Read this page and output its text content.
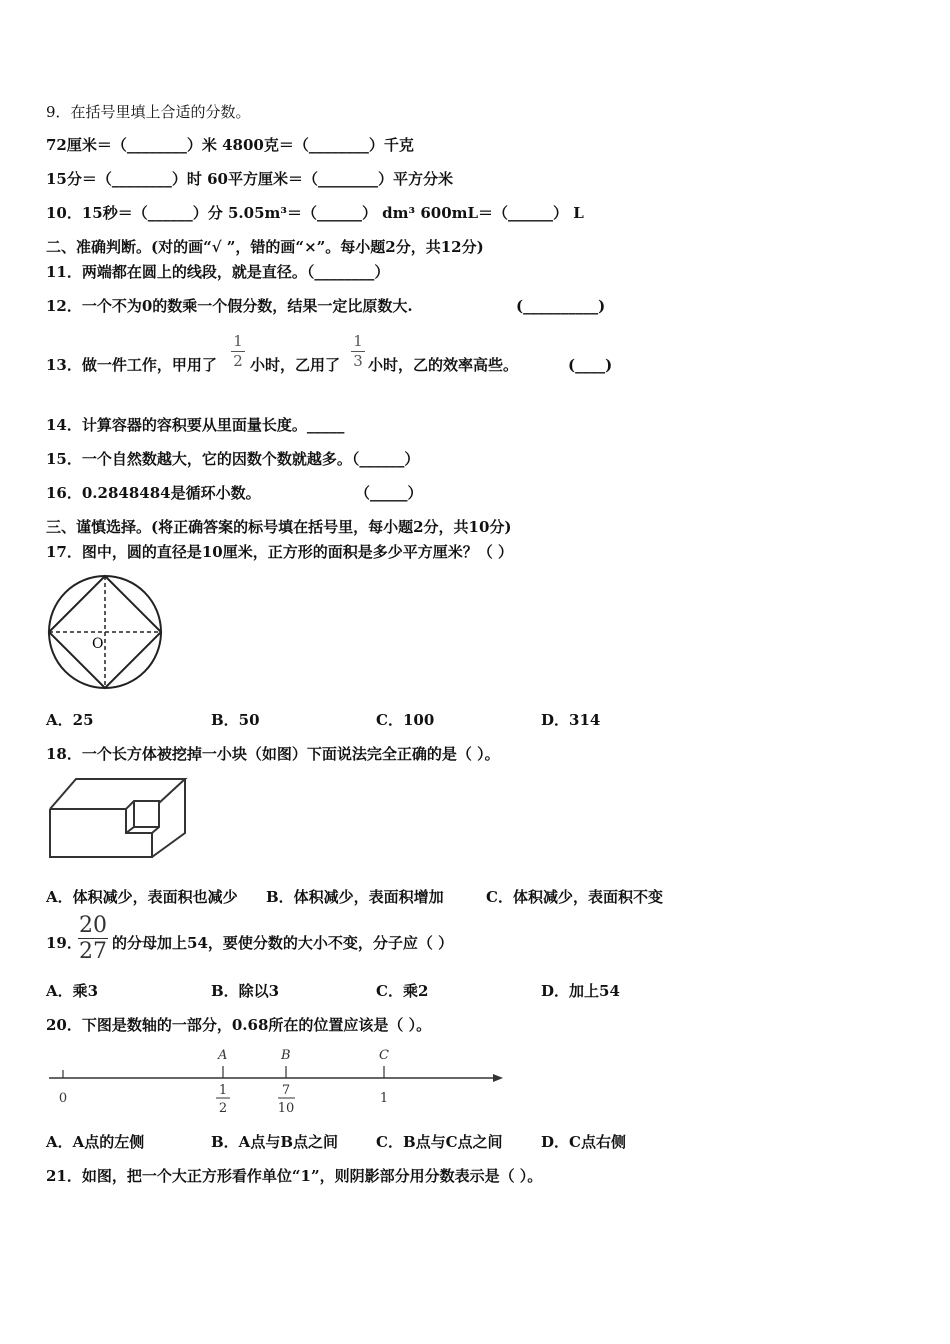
9．在括号里填上合适的分数。
72厘米＝（________）米 4800克＝（________）千克
15分＝（________）时 60平方厘米＝（________）平方分米
10．15秒＝（______）分 5.05m³＝（______） dm³ 600mL＝（______） L
二、准确判断。(对的画“√ ”，错的画“×”。每小题2分，共12分)
11．两端都在圆上的线段，就是直径。（________）
12．一个不为0的数乘一个假分数，结果一定比原数大.	(__________)
13．做一件工作，甲用了
1
2 小时，乙用了
1
3 小时，乙的效率高些。	(____)
14．计算容器的容积要从里面量长度。_____
15．一个自然数越大，它的因数个数就越多。（______）
16．0.2848484是循环小数。	（_____）
三、谨慎选择。(将正确答案的标号填在括号里，每小题2分，共10分)
17．图中，圆的直径是10厘米，正方形的面积是多少平方厘米？（ ）
O
A．25	B．50	C．100	D．314
18．一个长方体被挖掉一小块（如图）下面说法完全正确的是（ ）。
A．体积减少，表面积也减少 B．体积减少，表面积增加	C．体积减少，表面积不变
19．
20
27 的分母加上54，要使分数的大小不变，分子应（ ）
A．乘3	B．除以3	C．乘2	D．加上54
20．下图是数轴的一部分，0.68所在的位置应该是（ ）。
A	B	C
0	1
1
2
7
10
A．A点的左侧	B．A点与B点之间	C．B点与C点之间	D．C点右侧
21．如图，把一个大正方形看作单位“1”，则阴影部分用分数表示是（ ）。
